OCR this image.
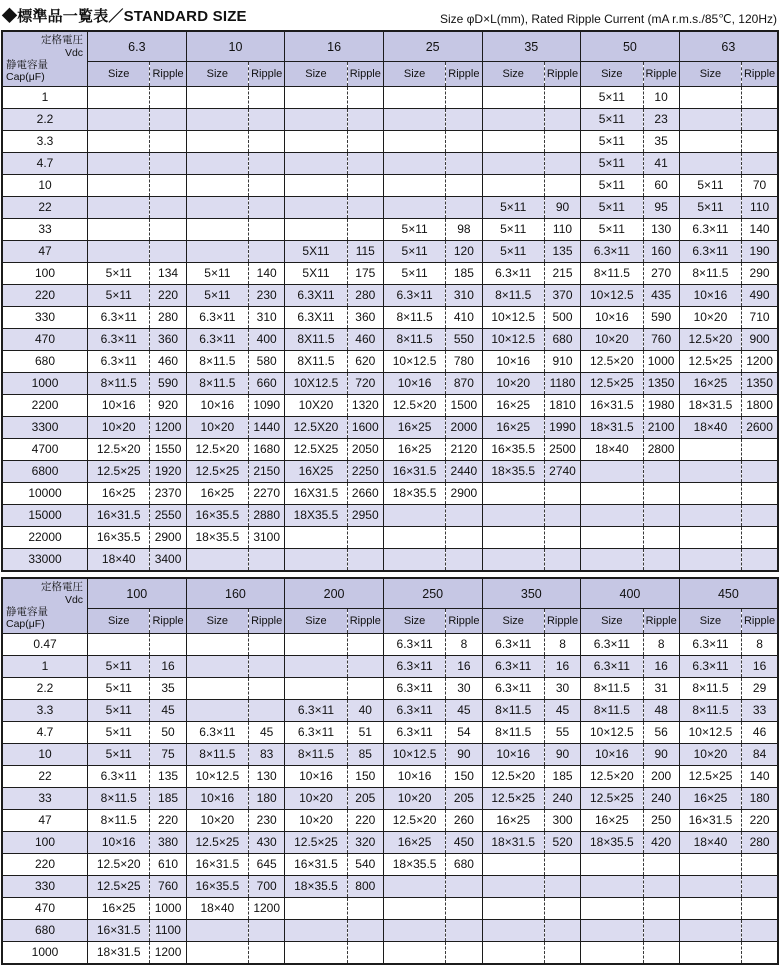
◆標準品一覧表／STANDARD SIZE	Size φD×L(mm), Rated Ripple Current (mA r.m.s./85℃, 120Hz)
定格電圧
Vdc
静電容量
Cap(μF)	6.3		10		16		25		35		50		63	
	Size	Ripple	Size	Ripple	Size	Ripple	Size	Ripple	Size	Ripple	Size	Ripple	Size	Ripple
1											5×11	10		
2.2											5×11	23		
3.3											5×11	35		
4.7											5×11	41		
10											5×11	60	5×11	70
22									5×11	90	5×11	95	5×11	110
33							5×11	98	5×11	110	5×11	130	6.3×11	140
47					5X11	115	5×11	120	5×11	135	6.3×11	160	6.3×11	190
100	5×11	134	5×11	140	5X11	175	5×11	185	6.3×11	215	8×11.5	270	8×11.5	290
220	5×11	220	5×11	230	6.3X11	280	6.3×11	310	8×11.5	370	10×12.5	435	10×16	490
330	6.3×11	280	6.3×11	310	6.3X11	360	8×11.5	410	10×12.5	500	10×16	590	10×20	710
470	6.3×11	360	6.3×11	400	8X11.5	460	8×11.5	550	10×12.5	680	10×20	760	12.5×20	900
680	6.3×11	460	8×11.5	580	8X11.5	620	10×12.5	780	10×16	910	12.5×20	1000	12.5×25	1200
1000	8×11.5	590	8×11.5	660	10X12.5	720	10×16	870	10×20	1180	12.5×25	1350	16×25	1350
2200	10×16	920	10×16	1090	10X20	1320	12.5×20	1500	16×25	1810	16×31.5	1980	18×31.5	1800
3300	10×20	1200	10×20	1440	12.5X20	1600	16×25	2000	16×25	1990	18×31.5	2100	18×40	2600
4700	12.5×20	1550	12.5×20	1680	12.5X25	2050	16×25	2120	16×35.5	2500	18×40	2800		
6800	12.5×25	1920	12.5×25	2150	16X25	2250	16×31.5	2440	18×35.5	2740				
10000	16×25	2370	16×25	2270	16X31.5	2660	18×35.5	2900						
15000	16×31.5	2550	16×35.5	2880	18X35.5	2950								
22000	16×35.5	2900	18×35.5	3100										
33000	18×40	3400												
定格電圧
Vdc
静電容量
Cap(μF)	100		160		200		250		350		400		450	
	Size	Ripple	Size	Ripple	Size	Ripple	Size	Ripple	Size	Ripple	Size	Ripple	Size	Ripple
0.47							6.3×11	8	6.3×11	8	6.3×11	8	6.3×11	8
1	5×11	16					6.3×11	16	6.3×11	16	6.3×11	16	6.3×11	16
2.2	5×11	35					6.3×11	30	6.3×11	30	8×11.5	31	8×11.5	29
3.3	5×11	45			6.3×11	40	6.3×11	45	8×11.5	45	8×11.5	48	8×11.5	33
4.7	5×11	50	6.3×11	45	6.3×11	51	6.3×11	54	8×11.5	55	10×12.5	56	10×12.5	46
10	5×11	75	8×11.5	83	8×11.5	85	10×12.5	90	10×16	90	10×16	90	10×20	84
22	6.3×11	135	10×12.5	130	10×16	150	10×16	150	12.5×20	185	12.5×20	200	12.5×25	140
33	8×11.5	185	10×16	180	10×20	205	10×20	205	12.5×25	240	12.5×25	240	16×25	180
47	8×11.5	220	10×20	230	10×20	220	12.5×20	260	16×25	300	16×25	250	16×31.5	220
100	10×16	380	12.5×25	430	12.5×25	320	16×25	450	18×31.5	520	18×35.5	420	18×40	280
220	12.5×20	610	16×31.5	645	16×31.5	540	18×35.5	680						
330	12.5×25	760	16×35.5	700	18×35.5	800								
470	16×25	1000	18×40	1200										
680	16×31.5	1100												
1000	18×31.5	1200												
